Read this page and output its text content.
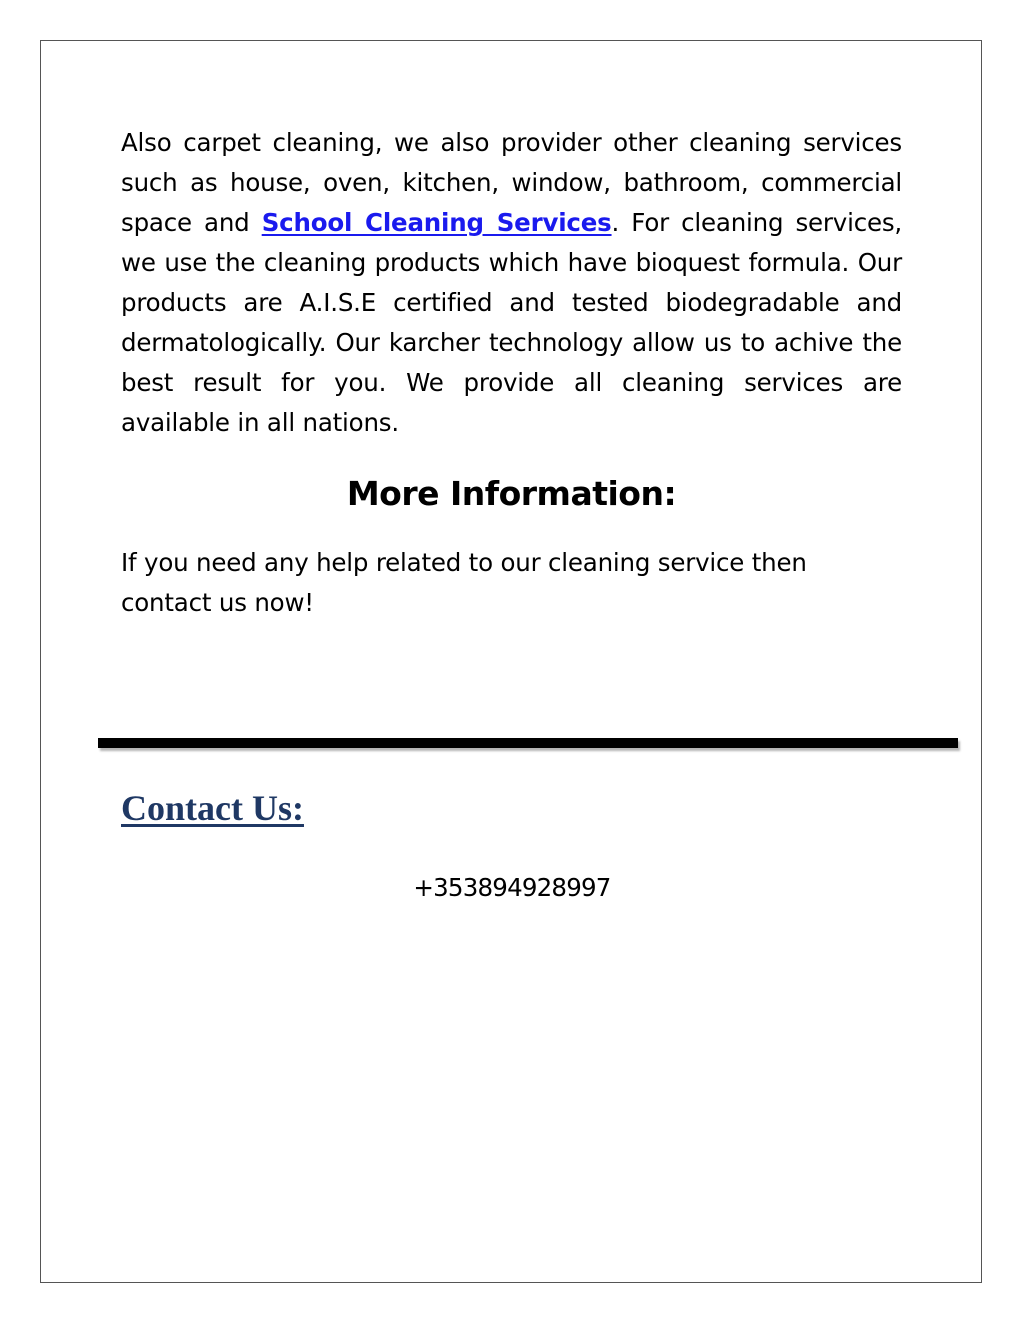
Also carpet cleaning, we also provider other cleaning services such as house, oven, kitchen, window, bathroom, commercial space and School Cleaning Services. For cleaning services, we use the cleaning products which have bioquest formula. Our products are A.I.S.E certified and tested biodegradable and dermatologically. Our karcher technology allow us to achive the best result for you. We provide all cleaning services are available in all nations.

More Information:

If you need any help related to our cleaning service then contact us now!

Contact Us:

+353894928997
